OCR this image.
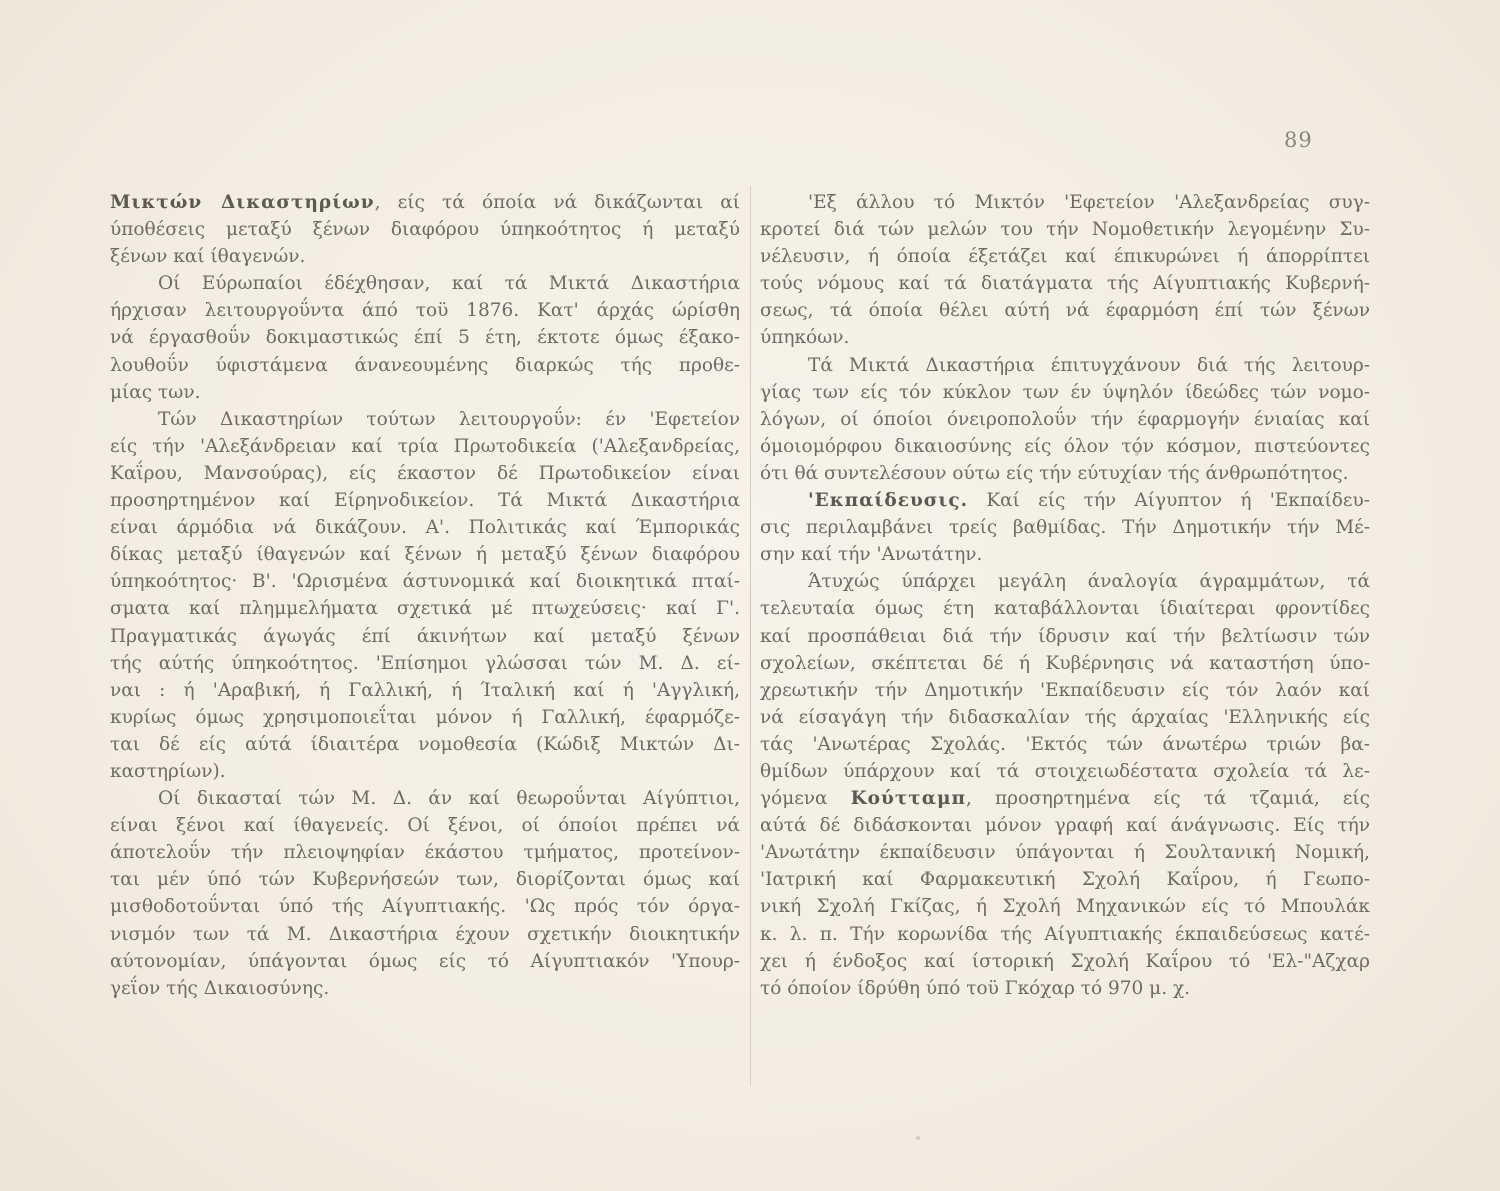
89

Μικτών Δικαστηρίων, είς τά όποία νά δικάζωνται αί
ύποθέσεις μεταξύ ξένων διαφόρου ύπηκοότητος ή μεταξύ
ξένων καί ίθαγενών.

Οί Εύρωπαίοι έδέχθησαν, καί τά Μικτά Δικαστήρια
ήρχισαν λειτουργοΰντα άπό τοϋ 1876. Κατ' άρχάς ώρίσθη
νά έργασθοΰν δοκιμαστικώς έπί 5 έτη, έκτοτε όμως έξακο-
λουθοΰν ύφιστάμενα άνανεουμένης διαρκώς τής προθε-
μίας των.

Τών Δικαστηρίων τούτων λειτουργοΰν: έν 'Εφετείον
είς τήν 'Αλεξάνδρειαν καί τρία Πρωτοδικεία ('Αλεξανδρείας,
Καΐρου, Μανσούρας), είς έκαστον δέ Πρωτοδικείον είναι
προσηρτημένον καί Είρηνοδικείον. Τά Μικτά Δικαστήρια
είναι άρμόδια νά δικάζουν. Α'. Πολιτικάς καί Έμπορικάς
δίκας μεταξύ ίθαγενών καί ξένων ή μεταξύ ξένων διαφόρου
ύπηκοότητος· Β'. 'Ωρισμένα άστυνομικά καί διοικητικά πταί-
σματα καί πλημμελήματα σχετικά μέ πτωχεύσεις· καί Γ'.
Πραγματικάς άγωγάς έπί άκινήτων καί μεταξύ ξένων
τής αύτής ύπηκοότητος. 'Επίσημοι γλώσσαι τών Μ. Δ. εί-
ναι : ή 'Αραβική, ή Γαλλική, ή Ίταλική καί ή 'Αγγλική,
κυρίως όμως χρησιμοποιεΐται μόνον ή Γαλλική, έφαρμόζε-
ται δέ είς αύτά ίδιαιτέρα νομοθεσία (Κώδιξ Μικτών Δι-
καστηρίων).

Οί δικασταί τών Μ. Δ. άν καί θεωροΰνται Αίγύπτιοι,
είναι ξένοι καί ίθαγενείς. Οί ξένοι, οί όποίοι πρέπει νά
άποτελοΰν τήν πλειοψηφίαν έκάστου τμήματος, προτείνον-
ται μέν ύπό τών Κυβερνήσεών των, διορίζονται όμως καί
μισθοδοτοΰνται ύπό τής Αίγυπτιακής. 'Ως πρός τόν όργα-
νισμόν των τά Μ. Δικαστήρια έχουν σχετικήν διοικητικήν
αύτονομίαν, ύπάγονται όμως είς τό Αίγυπτιακόν 'Υπουρ-
γεΐον τής Δικαιοσύνης.

'Εξ άλλου τό Μικτόν 'Εφετείον 'Αλεξανδρείας συγ-
κροτεί διά τών μελών του τήν Νομοθετικήν λεγομένην Συ-
νέλευσιν, ή όποία έξετάζει καί έπικυρώνει ή άπορρίπτει
τούς νόμους καί τά διατάγματα τής Αίγυπτιακής Κυβερνή-
σεως, τά όποία θέλει αύτή νά έφαρμόση έπί τών ξένων
ύπηκόων.

Τά Μικτά Δικαστήρια έπιτυγχάνουν διά τής λειτουρ-
γίας των είς τόν κύκλον των έν ύψηλόν ίδεώδες τών νομο-
λόγων, οί όποίοι όνειροπολοΰν τήν έφαρμογήν ένιαίας καί
όμοιομόρφου δικαιοσύνης είς όλον τόν κόσμον, πιστεύοντες
ότι θά συντελέσουν ούτω είς τήν εύτυχίαν τής άνθρωπότητος.

'Εκπαίδευσις. Καί είς τήν Αίγυπτον ή 'Εκπαίδευ-
σις περιλαμβάνει τρείς βαθμίδας. Τήν Δημοτικήν τήν Μέ-
σην καί τήν 'Ανωτάτην.

Άτυχώς ύπάρχει μεγάλη άναλογία άγραμμάτων, τά
τελευταία όμως έτη καταβάλλονται ίδιαίτεραι φροντίδες
καί προσπάθειαι διά τήν ίδρυσιν καί τήν βελτίωσιν τών
σχολείων, σκέπτεται δέ ή Κυβέρνησις νά καταστήση ύπο-
χρεωτικήν τήν Δημοτικήν 'Εκπαίδευσιν είς τόν λαόν καί
νά είσαγάγη τήν διδασκαλίαν τής άρχαίας 'Ελληνικής είς
τάς 'Ανωτέρας Σχολάς. 'Εκτός τών άνωτέρω τριών βα-
θμίδων ύπάρχουν καί τά στοιχειωδέστατα σχολεία τά λε-
γόμενα Κούτταμπ, προσηρτημένα είς τά τζαμιά, είς
αύτά δέ διδάσκονται μόνον γραφή καί άνάγνωσις. Είς τήν
'Ανωτάτην έκπαίδευσιν ύπάγονται ή Σουλτανική Νομική,
'Ιατρική καί Φαρμακευτική Σχολή Καΐρου, ή Γεωπο-
νική Σχολή Γκίζας, ή Σχολή Μηχανικών είς τό Μπουλάκ
κ. λ. π. Τήν κορωνίδα τής Αίγυπτιακής έκπαιδεύσεως κατέ-
χει ή ένδοξος καί ίστορική Σχολή Καΐρου τό 'Ελ-"Αζχαρ
τό όποίον ίδρύθη ύπό τοϋ Γκόχαρ τό 970 μ. χ.
